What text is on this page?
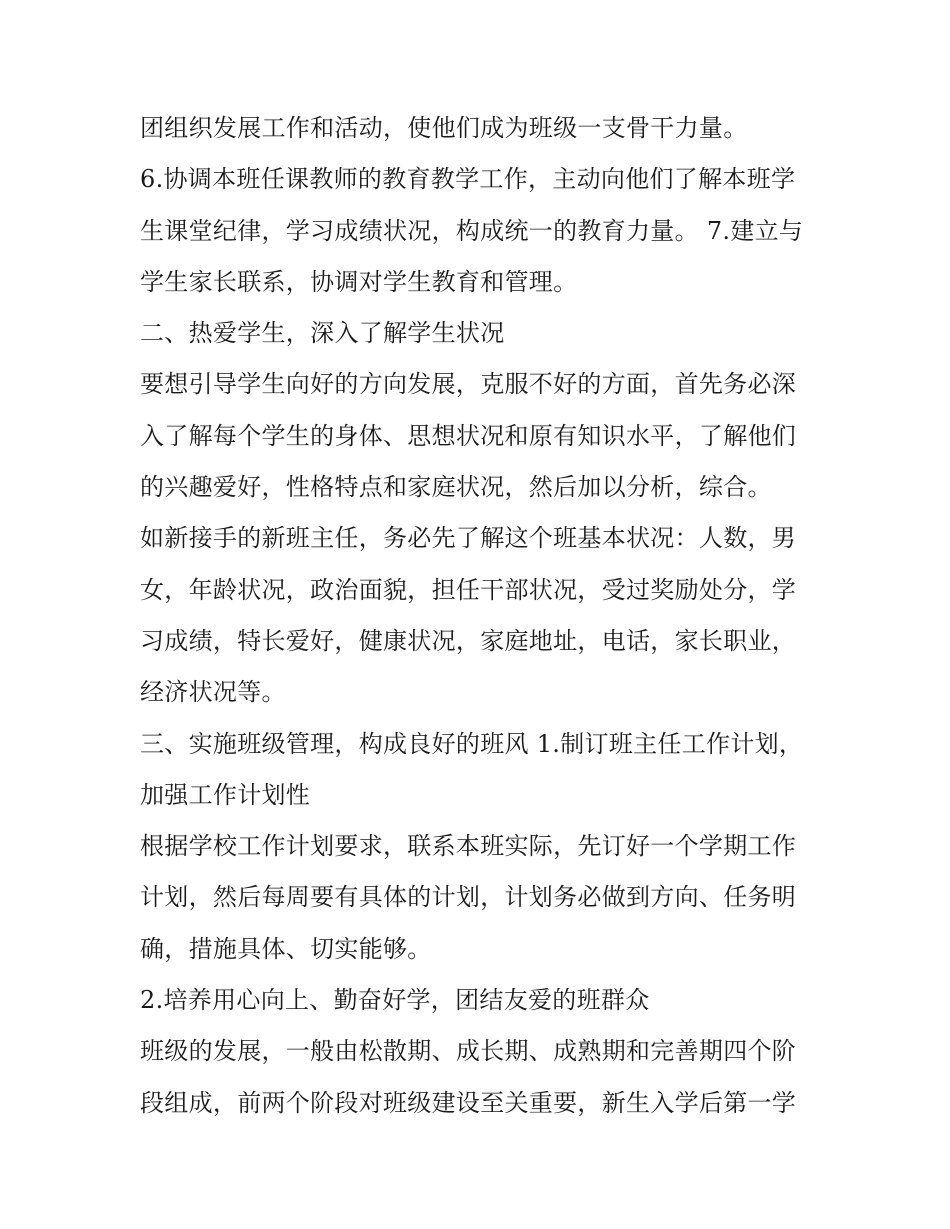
团组织发展工作和活动，使他们成为班级一支骨干力量。
6.协调本班任课教师的教育教学工作，主动向他们了解本班学
生课堂纪律，学习成绩状况，构成统一的教育力量。 7.建立与
学生家长联系，协调对学生教育和管理。
二、热爱学生，深入了解学生状况
要想引导学生向好的方向发展，克服不好的方面，首先务必深
入了解每个学生的身体、思想状况和原有知识水平，了解他们
的兴趣爱好，性格特点和家庭状况，然后加以分析，综合。
如新接手的新班主任，务必先了解这个班基本状况：人数，男
女，年龄状况，政治面貌，担任干部状况，受过奖励处分，学
习成绩，特长爱好，健康状况，家庭地址，电话，家长职业，
经济状况等。
三、实施班级管理，构成良好的班风 1.制订班主任工作计划，
加强工作计划性
根据学校工作计划要求，联系本班实际，先订好一个学期工作
计划，然后每周要有具体的计划，计划务必做到方向、任务明
确，措施具体、切实能够。
2.培养用心向上、勤奋好学，团结友爱的班群众
班级的发展，一般由松散期、成长期、成熟期和完善期四个阶
段组成，前两个阶段对班级建设至关重要，新生入学后第一学
